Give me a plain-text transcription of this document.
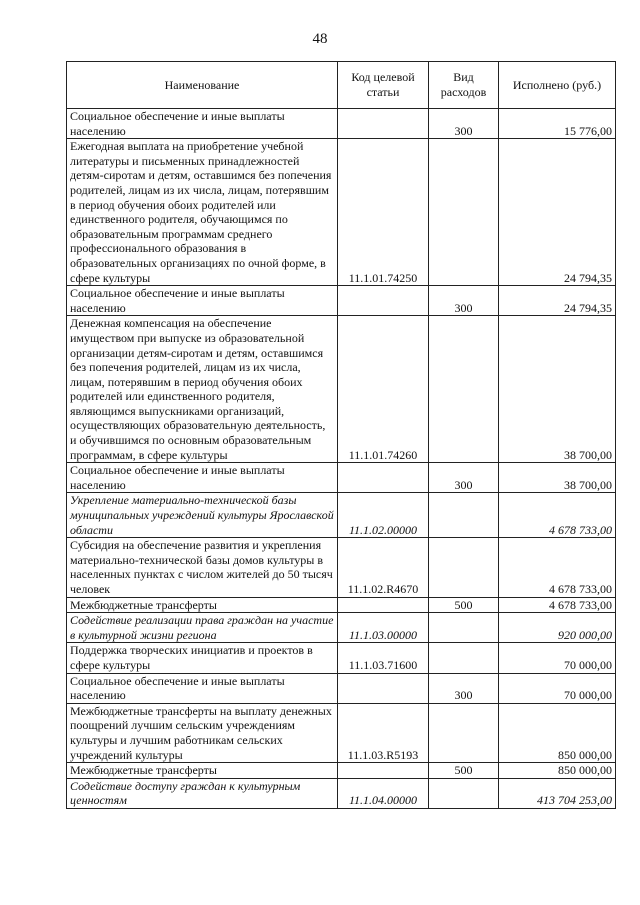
48
Наименование	Код целевой статьи	Вид расходов	Исполнено (руб.)
Социальное обеспечение и иные выплаты населению		300	15 776,00
Ежегодная выплата на приобретение учебной литературы и письменных принадлежностей детям-сиротам и детям, оставшимся без попечения родителей, лицам из их числа, лицам, потерявшим в период обучения обоих родителей или единственного родителя, обучающимся по образовательным программам среднего профессионального образования в образовательных организациях по очной форме, в сфере культуры	11.1.01.74250		24 794,35
Социальное обеспечение и иные выплаты населению		300	24 794,35
Денежная компенсация на обеспечение имуществом при выпуске из образовательной организации детям-сиротам и детям, оставшимся без попечения родителей, лицам из их числа, лицам, потерявшим в период обучения обоих родителей или единственного родителя, являющимся выпускниками организаций, осуществляющих образовательную деятельность, и обучившимся по основным образовательным программам, в сфере культуры	11.1.01.74260		38 700,00
Социальное обеспечение и иные выплаты населению		300	38 700,00
Укрепление материально-технической базы муниципальных учреждений культуры Ярославской области	11.1.02.00000		4 678 733,00
Субсидия на обеспечение развития и укрепления материально-технической базы домов культуры в населенных пунктах с числом жителей до 50 тысяч человек	11.1.02.R4670		4 678 733,00
Межбюджетные трансферты		500	4 678 733,00
Содействие реализации права граждан на участие в культурной жизни региона	11.1.03.00000		920 000,00
Поддержка творческих инициатив и проектов в сфере культуры	11.1.03.71600		70 000,00
Социальное обеспечение и иные выплаты населению		300	70 000,00
Межбюджетные трансферты на выплату денежных поощрений лучшим сельским учреждениям культуры и лучшим работникам сельских учреждений культуры	11.1.03.R5193		850 000,00
Межбюджетные трансферты		500	850 000,00
Содействие доступу граждан к культурным ценностям	11.1.04.00000		413 704 253,00
